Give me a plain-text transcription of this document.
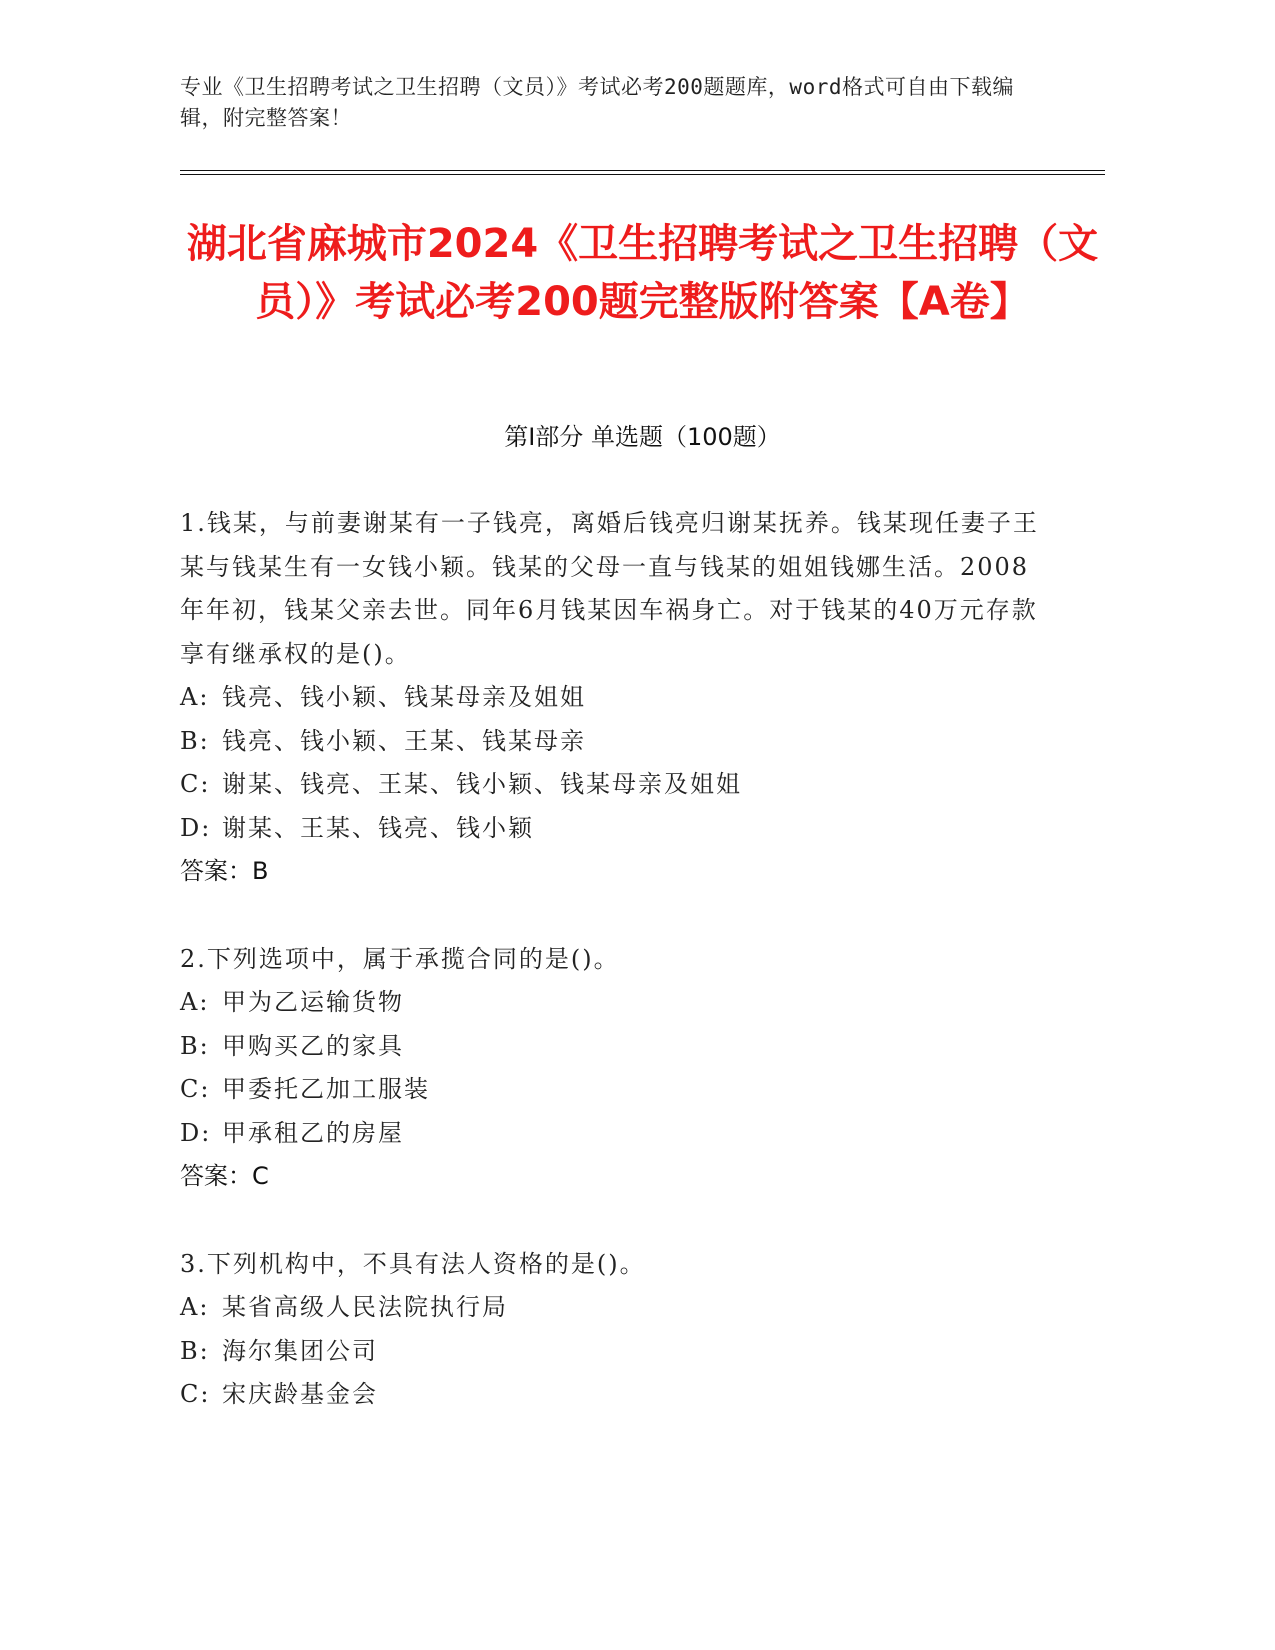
专业《卫生招聘考试之卫生招聘（文员）》考试必考200题题库，word格式可自由下载编辑，附完整答案！
湖北省麻城市2024《卫生招聘考试之卫生招聘（文员）》考试必考200题完整版附答案【A卷】
第I部分 单选题（100题）
1.钱某，与前妻谢某有一子钱亮，离婚后钱亮归谢某抚养。钱某现任妻子王某与钱某生有一女钱小颖。钱某的父母一直与钱某的姐姐钱娜生活。2008年年初，钱某父亲去世。同年6月钱某因车祸身亡。对于钱某的40万元存款享有继承权的是()。
A: 钱亮、钱小颖、钱某母亲及姐姐
B: 钱亮、钱小颖、王某、钱某母亲
C: 谢某、钱亮、王某、钱小颖、钱某母亲及姐姐
D: 谢某、王某、钱亮、钱小颖
答案：B
2.下列选项中，属于承揽合同的是()。
A: 甲为乙运输货物
B: 甲购买乙的家具
C: 甲委托乙加工服装
D: 甲承租乙的房屋
答案：C
3.下列机构中，不具有法人资格的是()。
A: 某省高级人民法院执行局
B: 海尔集团公司
C: 宋庆龄基金会
